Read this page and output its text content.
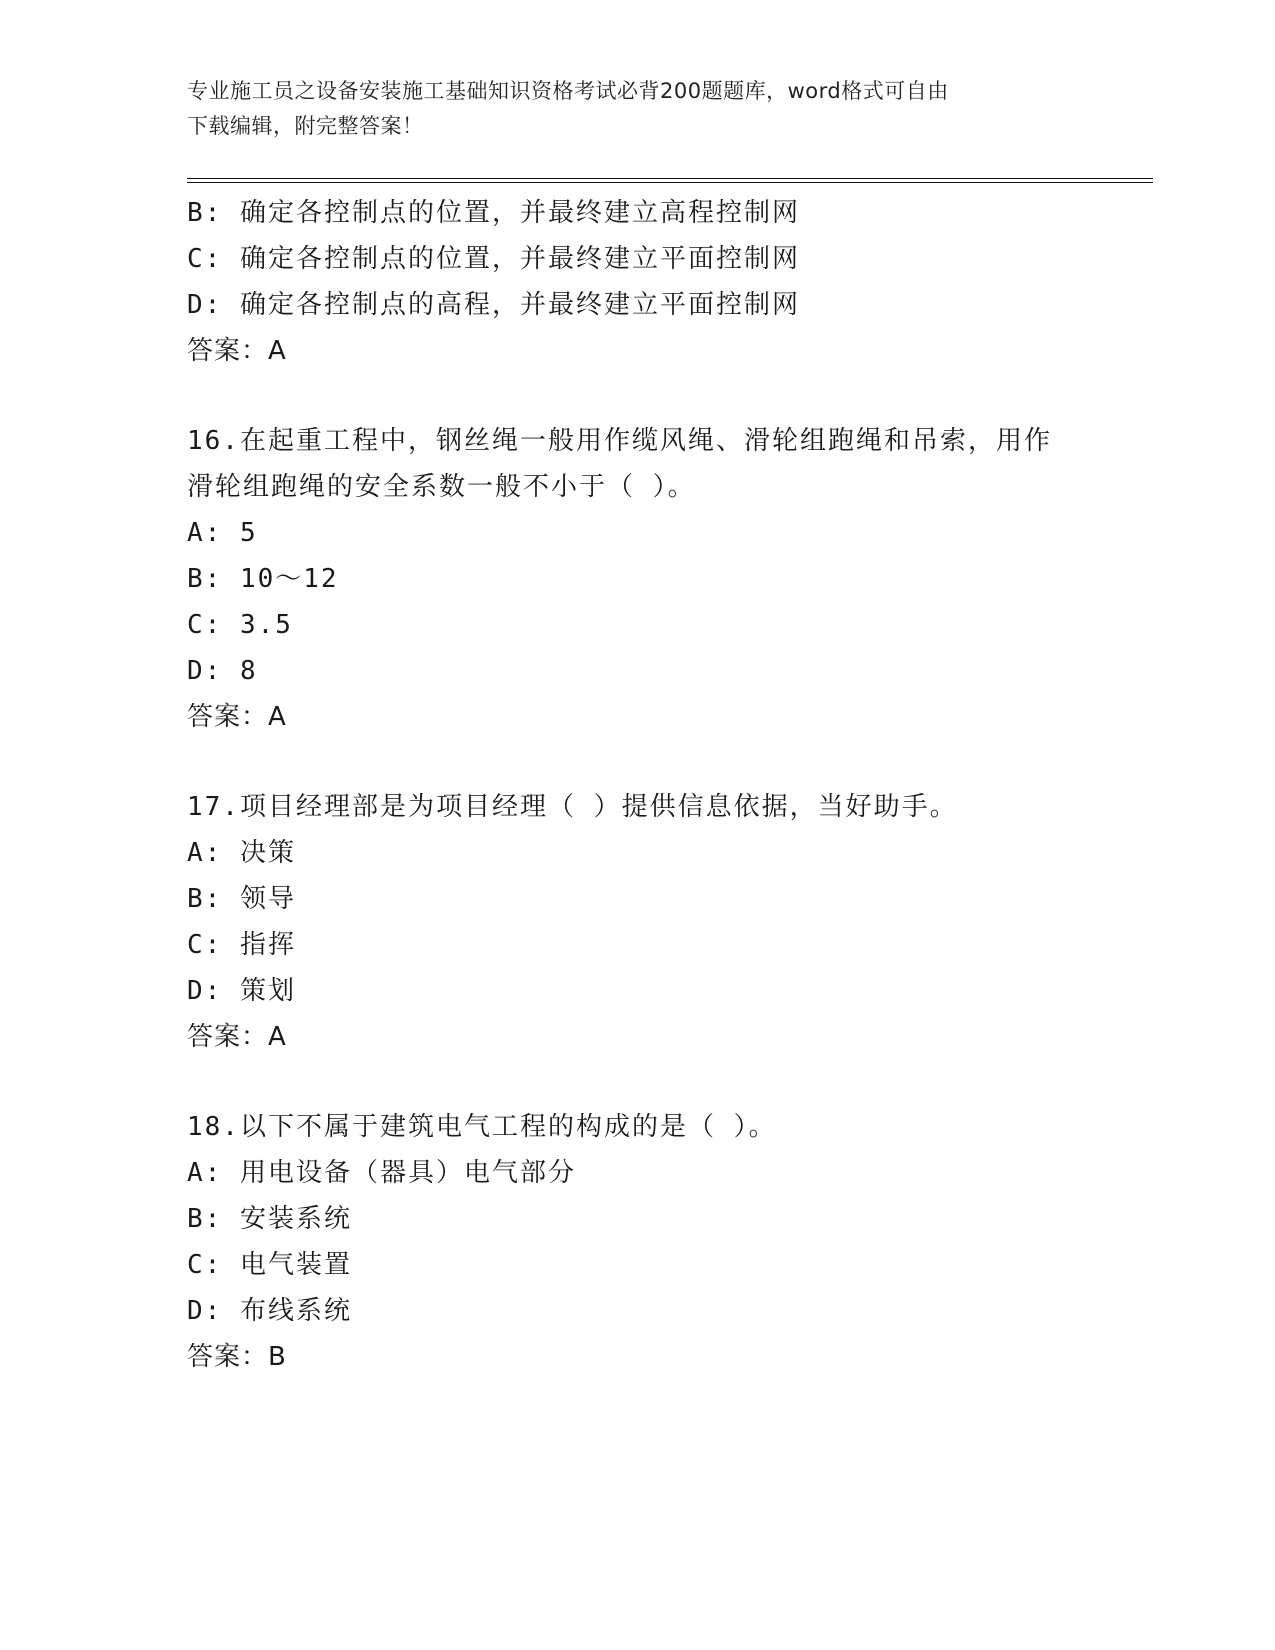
专业施工员之设备安装施工基础知识资格考试必背200题题库，word格式可自由
下载编辑，附完整答案！
B: 确定各控制点的位置，并最终建立高程控制网
C: 确定各控制点的位置，并最终建立平面控制网
D: 确定各控制点的高程，并最终建立平面控制网
答案：A
16.在起重工程中，钢丝绳一般用作缆风绳、滑轮组跑绳和吊索，用作
滑轮组跑绳的安全系数一般不小于（ ）。
A: 5
B: 10～12
C: 3.5
D: 8
答案：A
17.项目经理部是为项目经理（ ）提供信息依据，当好助手。
A: 决策
B: 领导
C: 指挥
D: 策划
答案：A
18.以下不属于建筑电气工程的构成的是（ ）。
A: 用电设备（器具）电气部分
B: 安装系统
C: 电气装置
D: 布线系统
答案：B
